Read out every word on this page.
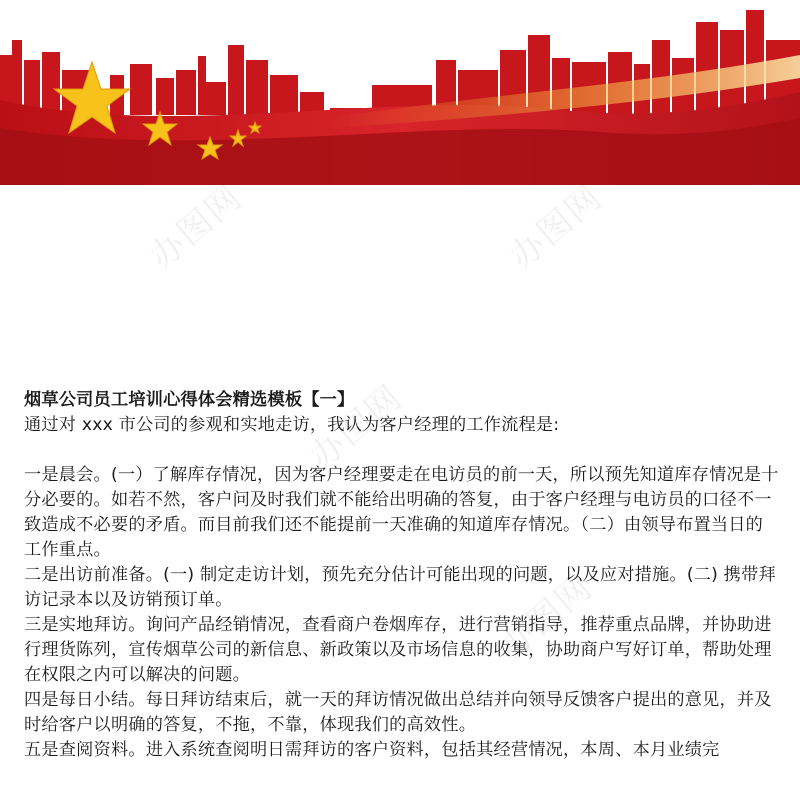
办图网	办图网
办图网
办图网

烟草公司员工培训心得体会精选模板【一】

通过对 xxx 市公司的参观和实地走访，我认为客户经理的工作流程是:

一是晨会。(一）了解库存情况，因为客户经理要走在电访员的前一天，所以预先知道库存情况是十分必要的。如若不然，客户问及时我们就不能给出明确的答复，由于客户经理与电访员的口径不一致造成不必要的矛盾。而目前我们还不能提前一天准确的知道库存情况。（二）由领导布置当日的工作重点。

二是出访前准备。(一) 制定走访计划，预先充分估计可能出现的问题，以及应对措施。(二) 携带拜访记录本以及访销预订单。

三是实地拜访。询问产品经销情况，查看商户卷烟库存，进行营销指导，推荐重点品牌，并协助进行理货陈列，宣传烟草公司的新信息、新政策以及市场信息的收集，协助商户写好订单，帮助处理在权限之内可以解决的问题。

四是每日小结。每日拜访结束后，就一天的拜访情况做出总结并向领导反馈客户提出的意见，并及时给客户以明确的答复，不拖，不靠，体现我们的高效性。

五是查阅资料。进入系统查阅明日需拜访的客户资料，包括其经营情况，本周、本月业绩完
